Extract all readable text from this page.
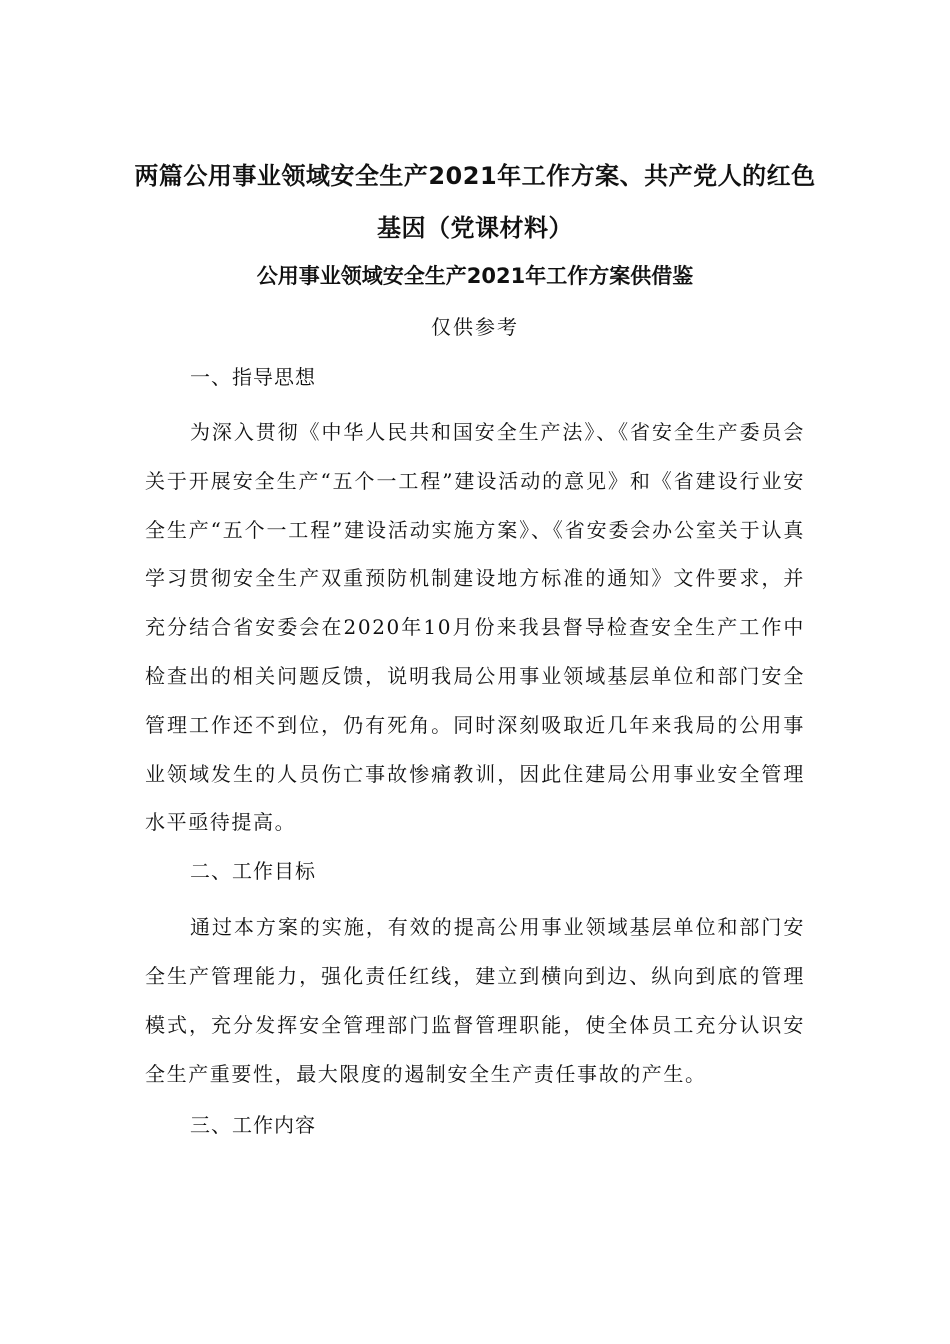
两篇公用事业领域安全生产2021年工作方案、共产党人的红色基因（党课材料）
公用事业领域安全生产2021年工作方案供借鉴
仅供参考

一、指导思想

为深入贯彻《中华人民共和国安全生产法》、《省安全生产委员会关于开展安全生产“五个一工程”建设活动的意见》和《省建设行业安全生产“五个一工程”建设活动实施方案》、《省安委会办公室关于认真学习贯彻安全生产双重预防机制建设地方标准的通知》文件要求，并充分结合省安委会在2020年10月份来我县督导检查安全生产工作中检查出的相关问题反馈，说明我局公用事业领域基层单位和部门安全管理工作还不到位，仍有死角。同时深刻吸取近几年来我局的公用事业领域发生的人员伤亡事故惨痛教训，因此住建局公用事业安全管理水平亟待提高。

二、工作目标

通过本方案的实施，有效的提高公用事业领域基层单位和部门安全生产管理能力，强化责任红线，建立到横向到边、纵向到底的管理模式，充分发挥安全管理部门监督管理职能，使全体员工充分认识安全生产重要性，最大限度的遏制安全生产责任事故的产生。

三、工作内容
